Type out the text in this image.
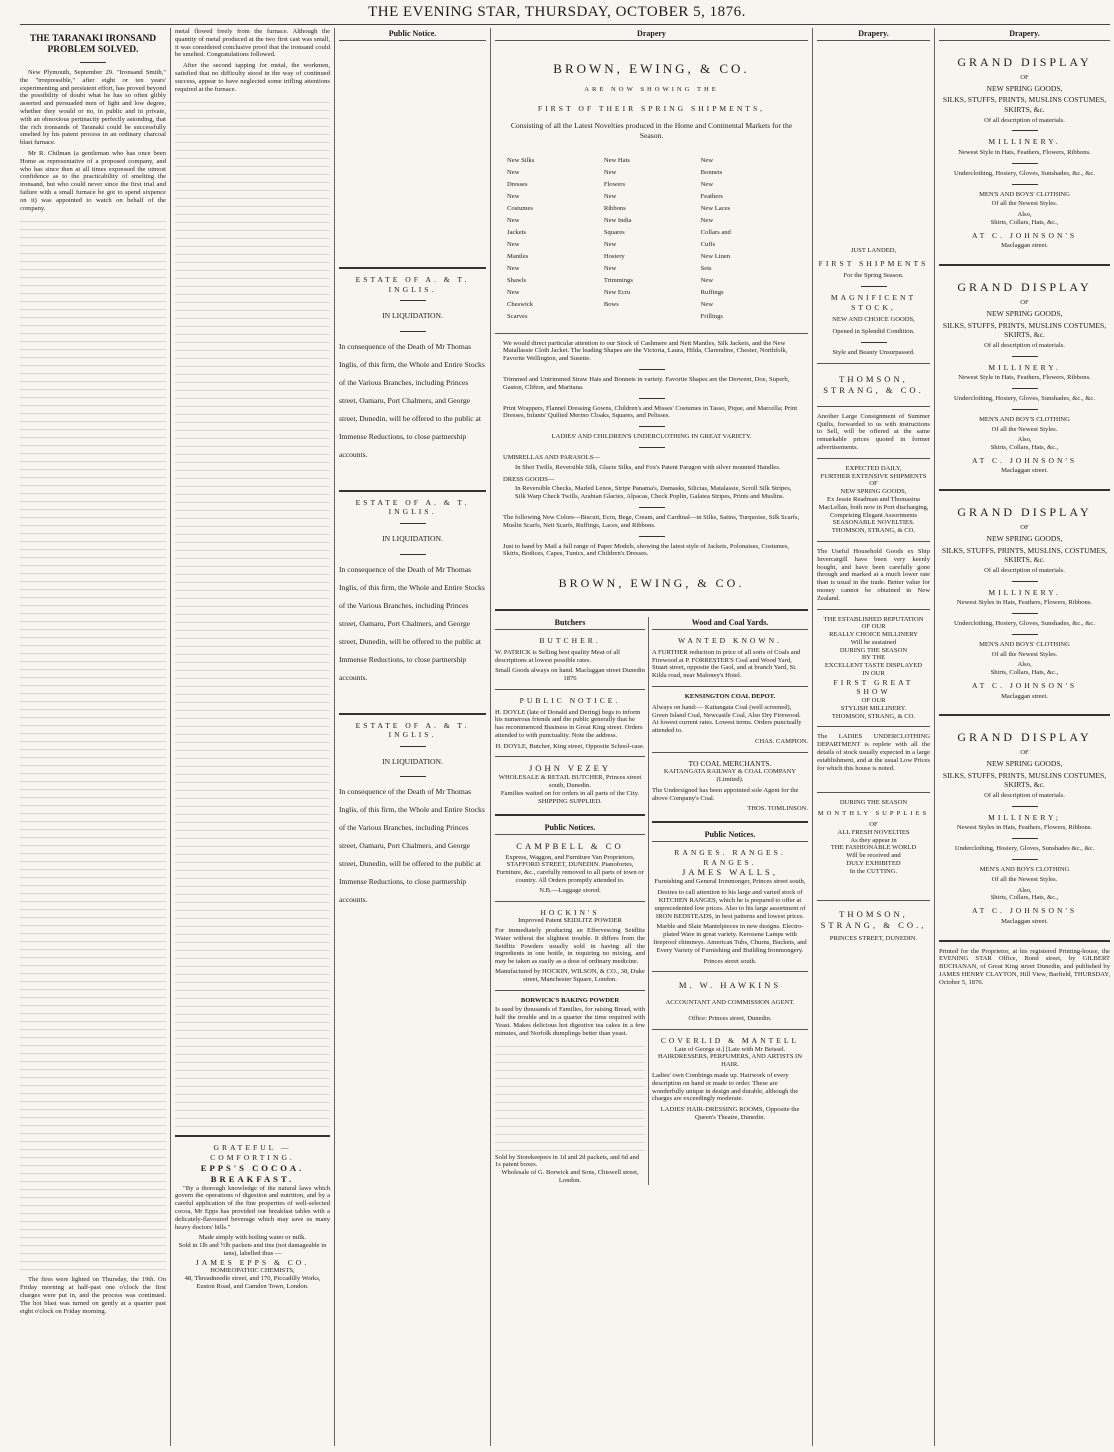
THE EVENING STAR, THURSDAY, OCTOBER 5, 1876.
THE TARANAKI IRONSAND PROBLEM SOLVED.

New Plymouth, September 29. "Ironsand Smith," the "irrepressible," after eight or ten years' experimenting and persistent effort, has proved beyond the possibility of doubt what he has so often glibly asserted and persuaded men of light and low degree, whether they would or no, in public and in private, with an obnoxious pertinacity perfectly astonding, that the rich ironsands of Taranaki could be successfully smelted by his patent process in an ordinary charcoal blast furnace.

Mr R. Chilman (a gentleman who has once been Home as representative of a proposed company, and who has since then at all times expressed the utmost confidence as to the practicability of smelting the ironsand, but who could never since the first trial and failure with a small furnace be got to spend sixpence on it) was appointed to watch on behalf of the company.

The fires were lighted on Thursday, the 19th. On Friday morning at half-past one o'clock the first charges were put in, and the process was continued. The hot blast was turned on gently at a quarter past eight o'clock on Friday morning.

metal flowed freely from the furnace. Although the quantity of metal produced at the two first cast was small, it was considered conclusive proof that the ironsand could be smelted. Congratulations followed.

After the second tapping for metal, the workmen, satisfied that no difficulty stood in the way of continued success, appear to have neglected some trifling attentions required at the furnace.

GRATEFUL — COMFORTING.
EPPS'S COCOA. BREAKFAST.

"By a thorough knowledge of the natural laws which govern the operations of digestion and nutrition, and by a careful application of the fine properties of well-selected cocoa, Mr Epps has provided our breakfast tables with a delicately-flavoured beverage which may save us many heavy doctors' bills."

Made simply with boiling water or milk.
Sold in 1lb and ½lb packets and tins (not damageable in tans), labelled thus —
JAMES EPPS & CO.
HOMŒOPATHIC CHEMISTS,
48, Threadneedle street, and 170, Piccadilly Works, Euston Road, and Camden Town, London.
Public Notice.
ESTATE OF A. & T. INGLIS.
IN LIQUIDATION.

In consequence of the Death of Mr Thomas Inglis, of this firm, the Whole and Entire Stocks of the Various Branches, including Princes street, Oamaru, Port Chalmers, and George street, Dunedin, will be offered to the public at Immense Reductions, to close partnership accounts.

ESTATE OF A. & T. INGLIS.
IN LIQUIDATION.

In consequence of the Death of Mr Thomas Inglis, of this firm, the Whole and Entire Stocks of the Various Branches, including Princes street, Oamaru, Port Chalmers, and George street, Dunedin, will be offered to the public at Immense Reductions, to close partnership accounts.

ESTATE OF A. & T. INGLIS.
IN LIQUIDATION.

In consequence of the Death of Mr Thomas Inglis, of this firm, the Whole and Entire Stocks of the Various Branches, including Princes street, Oamaru, Port Chalmers, and George street, Dunedin, will be offered to the public at Immense Reductions, to close partnership accounts.

Drapery
BROWN, EWING, & CO.
ARE NOW SHOWING THE
FIRST OF THEIR SPRING SHIPMENTS,
Consisting of all the Latest Novelties produced in the Home and Continental Markets for the Season.
New Silks
New Dresses
New Costumes
New Jackets
New Mantles
New Shawls
New Cheswick Scarves
New Hats
New Flowers
New Ribbons
New India Squares
New Hosiery
New Trimmings
New Ecru Bows
New Bonnets
New Feathers
New Laces
New Collars and Cuffs
New Linen Sets
New Ruffings
New Frillings

We would direct particular attention to our Stock of Cashmere and Nett Mantles, Silk Jackets, and the New Matallassie Cloth Jacket. The leading Shapes are the Victoria, Laura, Hilda, Clarendine, Chester, Northfolk, Favorite Wellington, and Susette.

Trimmed and Untrimmed Straw Hats and Bonnets in variety. Favorite Shapes are the Derwent, Doe, Superb, Gaston, Clifton, and Maritana.

Print Wrappers, Flannel Dressing Gowns, Children's and Misses' Costumes in Tasso, Pique, and Marcella; Print Dresses, Infants' Quilted Merino Cloaks, Squares, and Pelisses.

LADIES' AND CHILDREN'S UNDERCLOTHING IN GREAT VARIETY.
UMBRELLAS AND PARASOLS—

In Shot Twills, Reversible Silk, Glacie Silks, and Fox's Patent Paragon with silver mounted Handles.

DRESS GOODS—

In Reversible Checks, Marled Lenos, Stripe Panama's, Damasks, Silicias, Matalassie, Scroll Silk Stripes, Silk Warp Check Twills, Arabian Glacies, Alpacas, Check Poplin, Galatea Stripes, Prints and Muslins.

The following New Colors—Biscuit, Ecru, Bege, Cream, and Cardinal—in Silks, Satins, Turquoise, Silk Scarfs, Muslin Scarfs, Nett Scarfs, Ruffings, Laces, and Ribbons.

Just to hand by Mail a full range of Paper Models, showing the latest style of Jackets, Polonaises, Costumes, Skirts, Bodices, Capes, Tunics, and Children's Dresses.

BROWN, EWING, & CO.
Butchers
BUTCHER.

W. PATRICK is Selling best quality Meat of all descriptions at lowest possible rates.

Small Goods always on hand. Maclaggan street Dunedin 1876
PUBLIC NOTICE.

H. DOYLE (late of Donald and Dering) begs to inform his numerous friends and the public generally that he has recommenced Business in Great King street. Orders attended to with punctuality. Note the address.

H. DOYLE, Butcher, King street, Opposite School-case.
JOHN VEZEY
WHOLESALE & RETAIL BUTCHER, Princes street south, Dunedin.
Families waited on for orders in all parts of the City.
SHIPPING SUPPLIED.
Public Notices.
CAMPBELL & CO

Express, Waggon, and Furniture Van Proprietors, STAFFORD STREET, DUNEDIN. Pianofortes, Furniture, &c., carefully removed to all parts of town or country. All Orders promptly attended to.

N.B.—Luggage stored.
HOCKIN'S
Improved Patent SEIDLITZ POWDER

For immediately producing an Effervescing Seidlitz Water without the slightest trouble. It differs from the Seidlitz Powders usually sold in having all the ingredients in one bottle, in requiring no mixing, and may be taken as easily as a dose of ordinary medicine.

Manufactured by HOCKIN, WILSON, & CO., 38, Duke street, Manchester Square, London.
BORWICK'S BAKING POWDER

Is used by thousands of Families, for raising Bread, with half the trouble and in a quarter the time required with Yeast. Makes delicious hot digestive tea cakes in a few minutes, and Norfolk dumplings better than yeast.

Sold by Storekeepers in 1d and 2d packets, and 6d and 1s patent boxes.
Wholesale of G. Borwick and Sons, Chiswell street, London.
Wood and Coal Yards.
WANTED KNOWN.

A FURTHER reduction in price of all sorts of Coals and Firewood at P. FORRESTER'S Coal and Wood Yard, Stuart street, opposite the Gaol, and at branch Yard, St. Kilda road, near Maloney's Hotel.

KENSINGTON COAL DEPOT.

Always on hand:— Kaitangata Coal (well screened), Green Island Coal, Newcastle Coal, Also Dry Firewood. At lowest current rates. Lowest terms. Orders punctually attended to.

CHAS. CAMPION.
TO COAL MERCHANTS.
KAITANGATA RAILWAY & COAL COMPANY (Limited).

The Undersigned has been appointed sole Agent for the above Company's Coal.

THOS. TOMLINSON.
Public Notices.
RANGES. RANGES. RANGES.
JAMES WALLS,
Furnishing and General Ironmonger, Princes street south,

Desires to call attention to his large and varied stock of KITCHEN RANGES, which he is prepared to offer at unprecedented low prices. Also to his large assortment of IRON BEDSTEADS, in best patterns and lowest prices.

Marble and Slate Mantelpieces in new designs. Electro-plated Ware in great variety. Kerosene Lamps with fireproof chimneys. American Tubs, Churns, Buckets, and Every Variety of Furnishing and Building Ironmongery.

Princes street south.
M. W. HAWKINS
ACCOUNTANT AND COMMISSION AGENT.
Office: Princes street, Dunedin.
COVERLID & MANTELL
Late of George st.] [Late with Mr Beissel. HAIRDRESSERS, PERFUMERS, AND ARTISTS IN HAIR.

Ladies' own Combings made up. Hairwork of every description on hand or made to order. These are wonderfully unique in design and durable, although the charges are exceedingly moderate.

LADIES' HAIR-DRESSING ROOMS, Opposite the Queen's Theatre, Dunedin.
Drapery.
JUST LANDED,
FIRST SHIPMENTS
For the Spring Season.
MAGNIFICENT STOCK,
NEW AND CHOICE GOODS,
Opened in Splendid Condition.
Style and Beauty Unsurpassed.
THOMSON, STRANG, & CO.

Another Large Consignment of Summer Quilts, forwarded to us with instructions to Sell, will be offered at the same remarkable prices quoted in former advertisements.

EXPECTED DAILY,
FURTHER EXTENSIVE SHIPMENTS
OF
NEW SPRING GOODS,
Ex Jessie Readman and Thomasina MacLellan, both now in Port discharging, Comprising Elegant Assortments
SEASONABLE NOVELTIES.
THOMSON, STRANG, & CO.

The Useful Household Goods ex Ship Invercargill have been very keenly bought, and have been carefully gone through and marked at a much lower rate than is usual in the trade. Better value for money cannot be obtained in New Zealand.

THE ESTABLISHED REPUTATION
OF OUR
REALLY CHOICE MILLINERY
Will be sustained
DURING THE SEASON
BY THE
EXCELLENT TASTE DISPLAYED
IN OUR
FIRST GREAT SHOW
OF OUR
STYLISH MILLINERY.
THOMSON, STRANG, & CO.

The LADIES UNDERCLOTHING DEPARTMENT is replete with all the details of stock usually expected in a large establishment, and at the usual Low Prices for which this house is noted.

DURING THE SEASON
MONTHLY SUPPLIES
OF
ALL FRESH NOVELTIES
As they appear in
THE FASHIONABLE WORLD
Will be received and
DULY EXHIBITED
In the CUTTING.
THOMSON, STRANG, & CO.,
PRINCES STREET, DUNEDIN.
Drapery.
GRAND DISPLAY
OF
NEW SPRING GOODS,
SILKS, STUFFS, PRINTS, MUSLINS COSTUMES, SKIRTS, &c.
Of all description of materials.
MILLINERY.
Newest Style in Hats, Feathers, Flowers, Ribbons.
Underclothing, Hosiery, Gloves, Sunshades, &c., &c.
MEN'S AND BOYS' CLOTHING
Of all the Newest Styles.
Also,
Shirts, Collars, Hats, &c.,
AT C. JOHNSON'S
Maclaggan street.
GRAND DISPLAY
OF
NEW SPRING GOODS,
SILKS, STUFFS, PRINTS, MUSLINS COSTUMES, SKIRTS, &c.
Of all description of materials.
MILLINERY.
Newest Style in Hats, Feathers, Flowers, Ribbons.
Underclothing, Hosiery, Gloves, Sunshades, &c., &c.
MEN'S AND BOY'S CLOTHING
Of all the Newest Styles.
Also,
Shirts, Collars, Hats, &c.,
AT C. JOHNSON'S
Maclaggan street.
GRAND DISPLAY
OF
NEW SPRING GOODS,
SILKS, STUFFS, PRINTS, MUSLINS, COSTUMES, SKIRTS, &c.
Of all description of materials.
MILLINERY.
Newest Styles in Hats, Feathers, Flowers, Ribbons.
Underclothing, Hosiery, Gloves, Sunshades, &c., &c.
MEN'S AND BOYS' CLOTHING
Of all the Newest Styles.
Also,
Shirts, Collars, Hats, &c.,
AT C. JOHNSON'S
Maclaggan street.
GRAND DISPLAY
OF
NEW SPRING GOODS,
SILKS, STUFFS, PRINTS, MUSLINS COSTUMES, SKIRTS, &c.
Of all description of materials.
MILLINERY;
Newest Styles in Hats, Feathers, Flowers, Ribbons.
Underclothing, Hosiery, Gloves, Sunshades &c., &c.
MEN'S AND BOYS CLOTHING
Of all the Newest Styles.
Also,
Shirts, Collars, Hats, &c.,
AT C. JOHNSON'S
Maclaggan street.

Printed for the Proprietor, at his registered Printing-house, the EVENING STAR Office, Bond street, by GILBERT BUCHANAN, of Great King street Dunedin, and published by JAMES HENRY CLAYTON, Hill View, Barfield, THURSDAY, October 5, 1876.
